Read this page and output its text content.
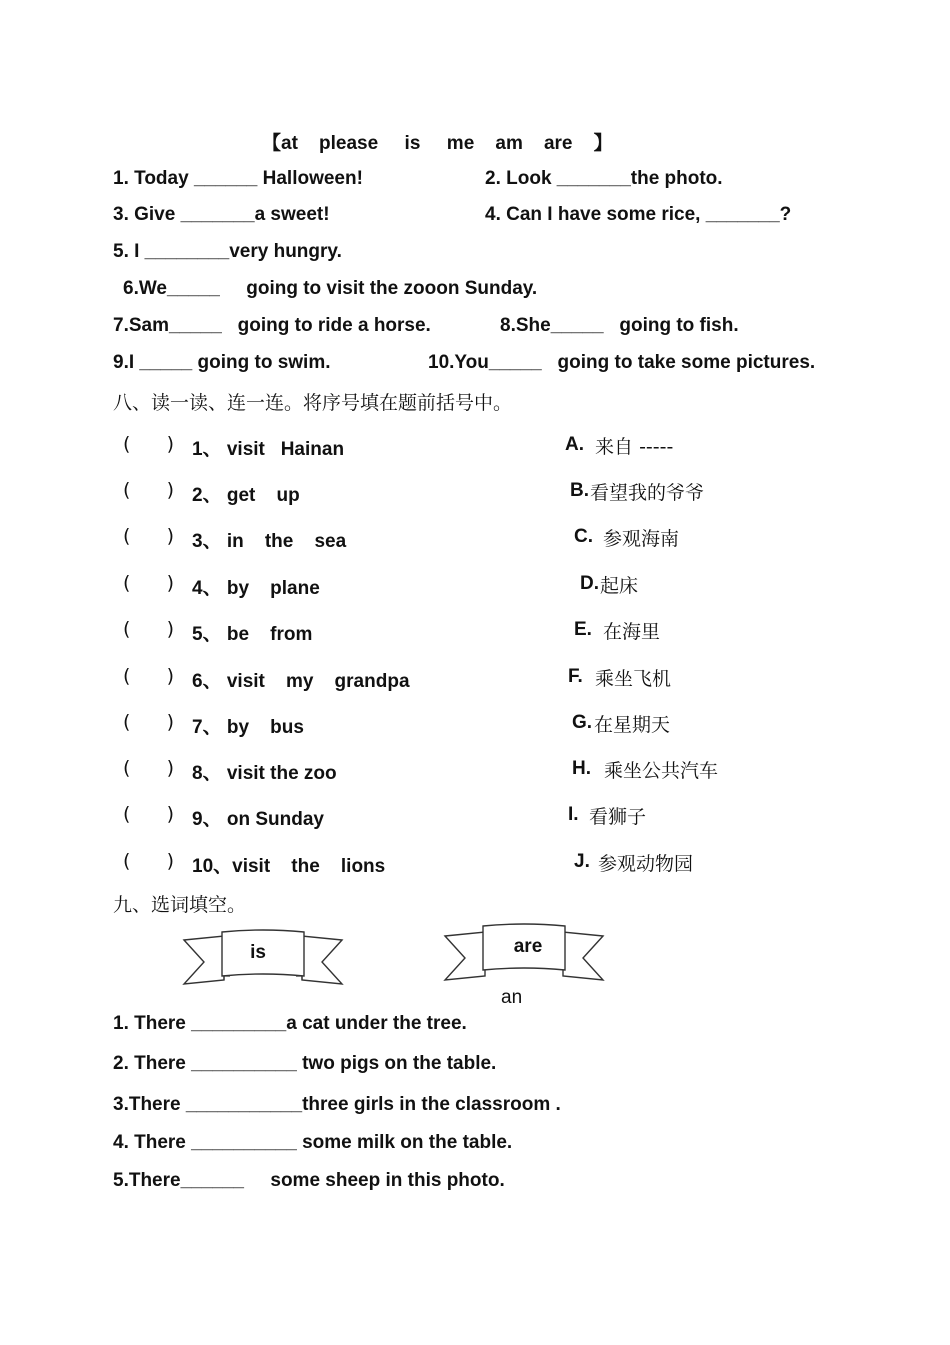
【at    please     is     me    am    are    】
1. Today ______ Halloween!	2. Look _______the photo.
3. Give _______a sweet!	4. Can I have some rice, _______?
5. I ________very hungry.
6.We_____     going to visit the zooon Sunday.
7.Sam_____   going to ride a horse.	8.She_____   going to fish.
9.I _____ going to swim.	10.You_____   going to take some pictures.
八、读一读、连一连。将序号填在题前括号中。
(      ) 1、 visit   Hainan	A. 来自 -----
(      ) 2、 get    up	B. 看望我的爷爷
(      ) 3、 in    the    sea	C. 参观海南
(      ) 4、 by    plane	D. 起床
(      ) 5、 be    from	E. 在海里
(      ) 6、 visit    my    grandpa	F. 乘坐飞机
(      ) 7、 by    bus	G. 在星期天
(      ) 8、 visit the zoo	H. 乘坐公共汽车
(      ) 9、 on Sunday	I. 看狮子
(      ) 10、visit    the    lions	J. 参观动物园
九、选词填空。
is	are
an
1. There _________a cat under the tree.
2. There __________ two pigs on the table.
3.There ___________three girls in the classroom .
4. There __________ some milk on the table.
5.There______     some sheep in this photo.
